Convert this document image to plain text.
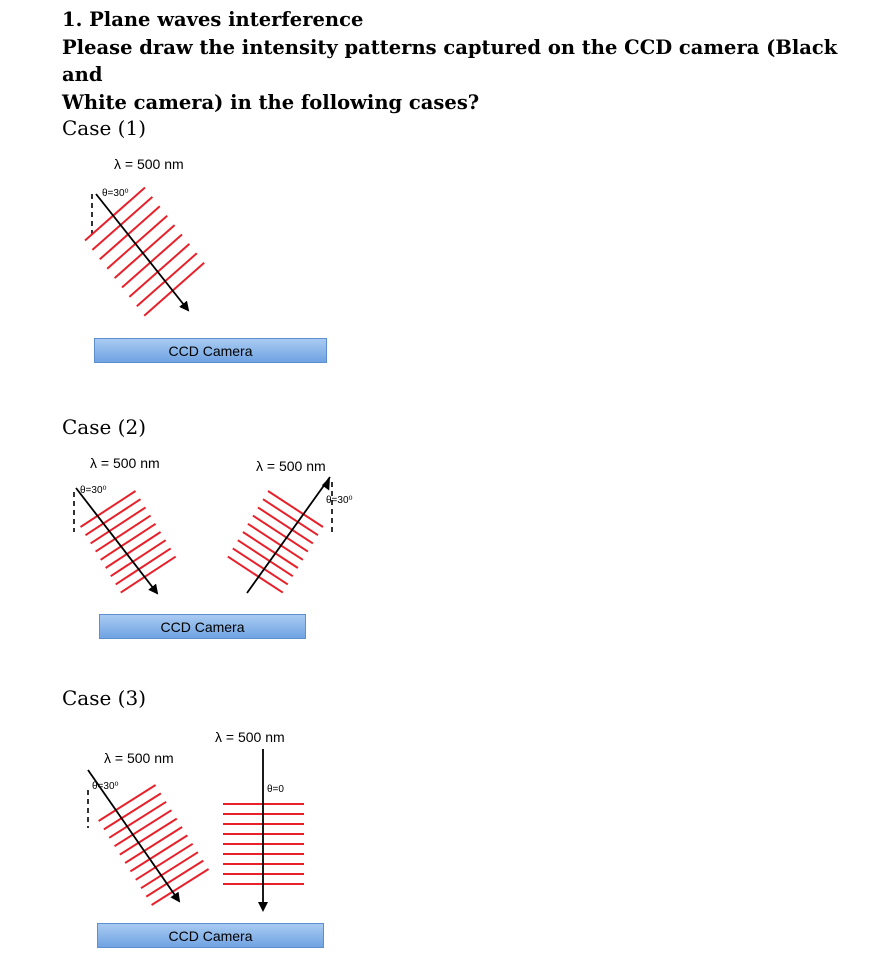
1. Plane waves interference
Please draw the intensity patterns captured on the CCD camera (Black and
White camera) in the following cases?
Case (1)
λ = 500 nm
θ=30⁰
CCD Camera
Case (2)
λ = 500 nm
θ=30⁰
λ = 500 nm
θ=30⁰
CCD Camera
Case (3)
λ = 500 nm
θ=30⁰
λ = 500 nm
θ=0
CCD Camera
